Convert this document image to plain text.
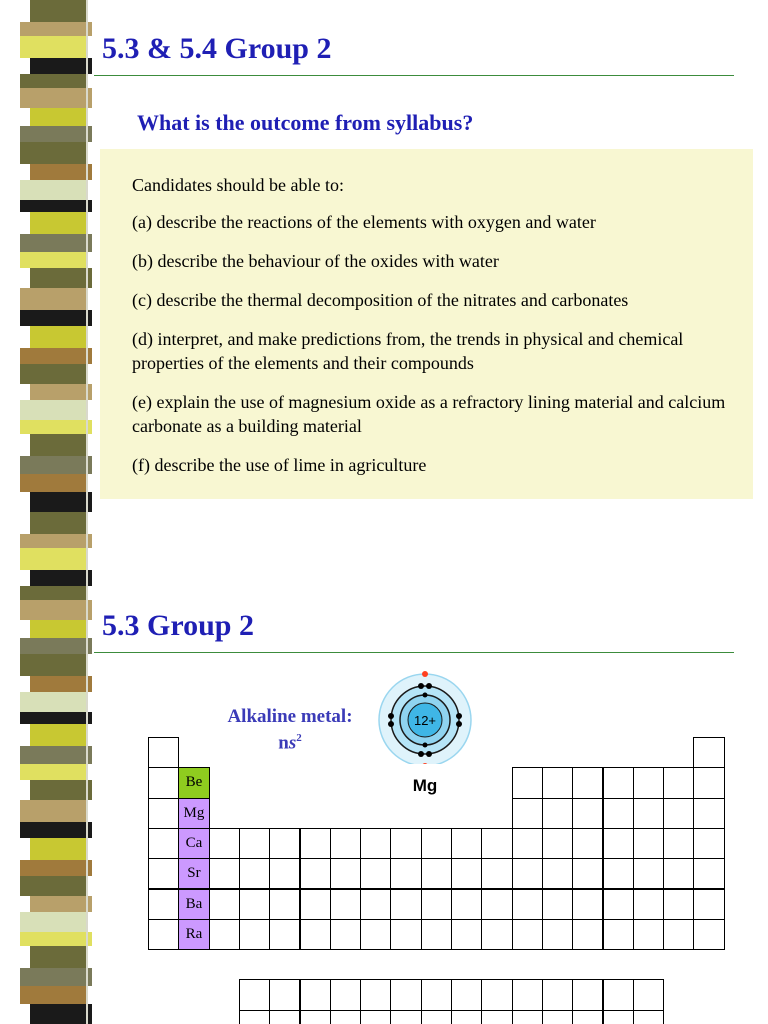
5.3 & 5.4 Group 2
What is the outcome from syllabus?

Candidates should be able to:

(a) describe the reactions of the elements with oxygen and water

(b) describe the behaviour of the oxides with water

(c) describe the thermal decomposition of the nitrates and carbonates

(d) interpret, and make predictions from, the trends in physical and chemical properties of the elements and their compounds

(e) explain the use of magnesium oxide as a refractory lining material and calcium carbonate as a building material

(f) describe the use of lime in agriculture

5.3 Group 2
Alkaline metal:
$ns^2$
12+
Mg
Be
Mg
Ca
Sr
Ba
Ra
